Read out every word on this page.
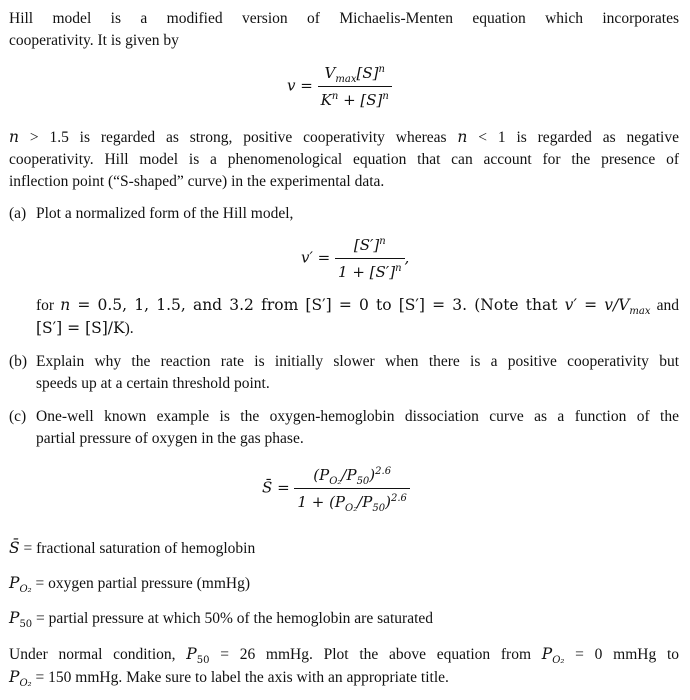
Hill model is a modified version of Michaelis-Menten equation which incorporates
cooperativity. It is given by
$v = \frac{V_{max}[S]^n}{K^n + [S]^n}$
n > 1.5 is regarded as strong, positive cooperativity whereas n < 1 is regarded as negative
cooperativity. Hill model is a phenomenological equation that can account for the presence of
inflection point (“S-shaped” curve) in the experimental data.
(a) Plot a normalized form of the Hill model,
$v' = \frac{[S']^n}{1 + [S']^n}$ ,
for n = 0.5, 1, 1.5, and 3.2 from [S′] = 0 to [S′] = 3. (Note that $v' = v/V_{max}$ and
[S′] = [S]/K).
(b) Explain why the reaction rate is initially slower when there is a positive cooperativity but
speeds up at a certain threshold point.
(c) One-well known example is the oxygen-hemoglobin dissociation curve as a function of the
partial pressure of oxygen in the gas phase.
S̄ = $\frac{(P_{O_2}/P_{50})^{2.6}}{1 + (P_{O_2}/P_{50})^{2.6}}$
S̄ = fractional saturation of hemoglobin
$P_{O_2}$ = oxygen partial pressure (mmHg)
$P_{50}$ = partial pressure at which 50% of the hemoglobin are saturated
Under normal condition, $P_{50} = 26$ mmHg. Plot the above equation from $P_{O_2} = 0$ mmHg to
$P_{O_2} = 150$ mmHg. Make sure to label the axis with an appropriate title.
